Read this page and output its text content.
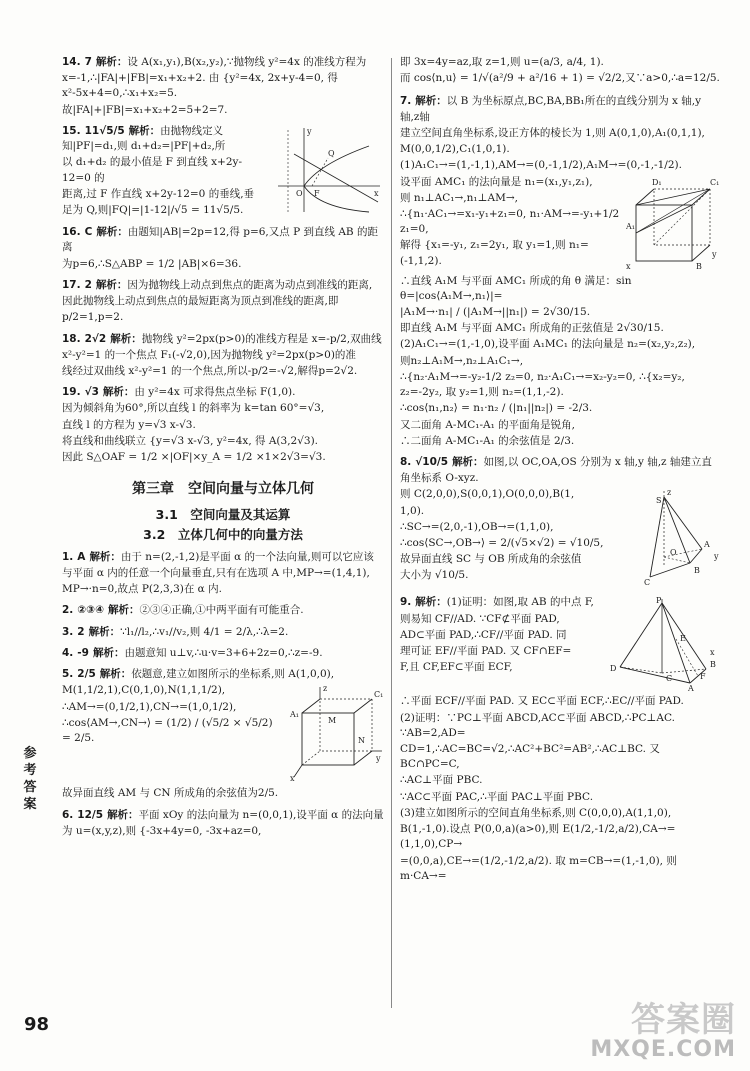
14. 7 解析：设 A(x₁,y₁),B(x₂,y₂),∵抛物线 y²=4x 的准线方程为
x=-1,∴|FA|+|FB|=x₁+x₂+2. 由 {y²=4x, 2x+y-4=0, 得 x²-5x+4=0,∴x₁+x₂=5.
故|FA|+|FB|=x₁+x₂+2=5+2=7.
y
x
F
Q
O
15. 11√5/5 解析：由抛物线定义知|PF|=d₁,则 d₁+d₂=|PF|+d₂,所
以 d₁+d₂ 的最小值是 F 到直线 x+2y-12=0 的
距离,过 F 作直线 x+2y-12=0 的垂线,垂
足为 Q,则|FQ|=|1-12|/√5 = 11√5/5.
16. C 解析：由题知|AB|=2p=12,得 p=6,又点 P 到直线 AB 的距离
为p=6,∴S△ABP = 1/2 |AB|×6=36.
17. 2 解析：因为抛物线上动点到焦点的距离为动点到准线的距离,
因此抛物线上动点到焦点的最短距离为顶点到准线的距离,即
p/2=1,p=2.
18. 2√2 解析：抛物线 y²=2px(p>0)的准线方程是 x=-p/2,双曲线
x²-y²=1 的一个焦点 F₁(-√2,0),因为抛物线 y²=2px(p>0)的准
线经过双曲线 x²-y²=1 的一个焦点,所以-p/2=-√2,解得p=2√2.
19. √3 解析：由 y²=4x 可求得焦点坐标 F(1,0).
因为倾斜角为60°,所以直线 l 的斜率为 k=tan 60°=√3,
直线 l 的方程为 y=√3 x-√3.
将直线和曲线联立 {y=√3 x-√3, y²=4x, 得 A(3,2√3).
因此 S△OAF = 1/2 ×|OF|×y_A = 1/2 ×1×2√3=√3.
第三章　空间向量与立体几何
3.1　空间向量及其运算
3.2　立体几何中的向量方法
1. A 解析：由于 n=(2,-1,2)是平面 α 的一个法向量,则可以它应该
与平面 α 内的任意一个向量垂直,只有在选项 A 中,MP→=(1,4,1),
MP→·n=0,故点 P(2,3,3)在 α 内.
2. ②③④ 解析：②③④正确,①中两平面有可能重合.
3. 2 解析：∵l₁//l₂,∴v₁//v₂,则 4/1 = 2/λ,∴λ=2.
4. -9 解析：由题意知 u⊥v,∴u·v=3+6+2z=0,∴z=-9.
5. 2/5 解析：依题意,建立如图所示的坐标系,则 A(1,0,0),
z
y
x
A₁
C₁
M
N
M(1,1/2,1),C(0,1,0),N(1,1,1/2),
∴AM→=(0,1/2,1),CN→=(1,0,1/2),
∴cos⟨AM→,CN→⟩ = (1/2) / (√5/2 × √5/2) = 2/5.
故异面直线 AM 与 CN 所成角的余弦值为2/5.
6. 12/5 解析：平面 xOy 的法向量为 n=(0,0,1),设平面 α 的法向量
为 u=(x,y,z),则 {-3x+4y=0, -3x+az=0,
即 3x=4y=az,取 z=1,则 u=(a/3, a/4, 1).
而 cos⟨n,u⟩ = 1/√(a²/9 + a²/16 + 1) = √2/2,又∵a>0,∴a=12/5.
7. 解析：以 B 为坐标原点,BC,BA,BB₁所在的直线分别为 x 轴,y 轴,z轴
建立空间直角坐标系,设正方体的棱长为 1,则 A(0,1,0),A₁(0,1,1),
M(0,0,1/2),C₁(1,0,1).
(1)A₁C₁→=(1,-1,1),AM→=(0,-1,1/2),A₁M→=(0,-1,-1/2).
D₁	C₁
A₁
x
y
B
设平面 AMC₁ 的法向量是 n₁=(x₁,y₁,z₁),
则 n₁⊥AC₁→,n₁⊥AM→,
∴{n₁·AC₁→=x₁-y₁+z₁=0, n₁·AM→=-y₁+1/2 z₁=0,
解得 {x₁=-y₁, z₁=2y₁, 取 y₁=1,则 n₁=(-1,1,2).
∴直线 A₁M 与平面 AMC₁ 所成的角 θ 满足：sin θ=|cos⟨A₁M→,n₁⟩|=
|A₁M→·n₁| / (|A₁M→||n₁|) = 2√30/15.
即直线 A₁M 与平面 AMC₁ 所成角的正弦值是 2√30/15.
(2)A₁C₁→=(1,-1,0),设平面 A₁MC₁ 的法向量是 n₂=(x₂,y₂,z₂),
则n₂⊥A₁M→,n₂⊥A₁C₁→,
∴{n₂·A₁M→=-y₂-1/2 z₂=0, n₂·A₁C₁→=x₂-y₂=0, ∴{x₂=y₂, z₂=-2y₂, 取 y₂=1,则 n₂=(1,1,-2).
∴cos⟨n₁,n₂⟩ = n₁·n₂ / (|n₁||n₂|) = -2/3.
又二面角 A-MC₁-A₁ 的平面角是锐角,
∴二面角 A-MC₁-A₁ 的余弦值是 2/3.
8. √10/5 解析：如图,以 OC,OA,OS 分别为 x 轴,y 轴,z 轴建立直
角坐标系 O-xyz.
z
S
A
y
O
B
C
则 C(2,0,0),S(0,0,1),O(0,0,0),B(1,
1,0).
∴SC→=(2,0,-1),OB→=(1,1,0),
∴cos⟨SC→,OB→⟩ = 2/(√5×√2) = √10/5,
故异面直线 SC 与 OB 所成角的余弦值
大小为 √10/5.
P
E
D	B
A
C	F
x
9. 解析：(1)证明：如图,取 AB 的中点 F,
则易知 CF//AD. ∵CF⊄平面 PAD,
AD⊂平面 PAD,∴CF//平面 PAD. 同
理可证 EF//平面 PAD. 又 CF∩EF=
F,且 CF,EF⊂平面 ECF,
∴平面 ECF//平面 PAD. 又 EC⊂平面 ECF,∴EC//平面 PAD.
(2)证明：∵PC⊥平面 ABCD,AC⊂平面 ABCD,∴PC⊥AC. ∵AB=2,AD=
CD=1,∴AC=BC=√2,∴AC²+BC²=AB²,∴AC⊥BC. 又 BC∩PC=C,
∴AC⊥平面 PBC.
∵AC⊂平面 PAC,∴平面 PAC⊥平面 PBC.
(3)建立如图所示的空间直角坐标系,则 C(0,0,0),A(1,1,0),
B(1,-1,0).设点 P(0,0,a)(a>0),则 E(1/2,-1/2,a/2),CA→=(1,1,0),CP→
=(0,0,a),CE→=(1/2,-1/2,a/2). 取 m=CB→=(1,-1,0), 则 m·CA→=
参考答案
98	答案圈
MXQE.COM
